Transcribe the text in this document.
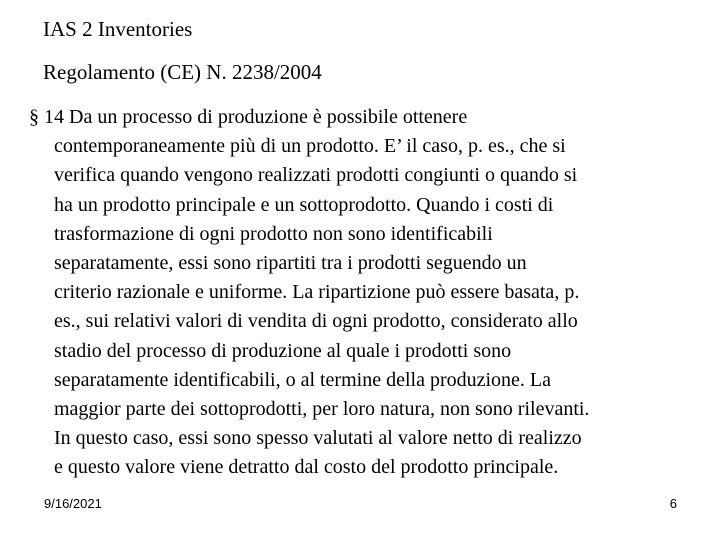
IAS 2 Inventories
Regolamento (CE) N. 2238/2004
§ 14 Da un processo di produzione è possibile ottenere
contemporaneamente più di un prodotto. E’ il caso, p. es., che si
verifica quando vengono realizzati prodotti congiunti o quando si
ha un prodotto principale e un sottoprodotto. Quando i costi di
trasformazione di ogni prodotto non sono identificabili
separatamente, essi sono ripartiti tra i prodotti seguendo un
criterio razionale e uniforme. La ripartizione può essere basata, p.
es., sui relativi valori di vendita di ogni prodotto, considerato allo
stadio del processo di produzione al quale i prodotti sono
separatamente identificabili, o al termine della produzione. La
maggior parte dei sottoprodotti, per loro natura, non sono rilevanti.
In questo caso, essi sono spesso valutati al valore netto di realizzo
e questo valore viene detratto dal costo del prodotto principale.
9/16/2021	6
